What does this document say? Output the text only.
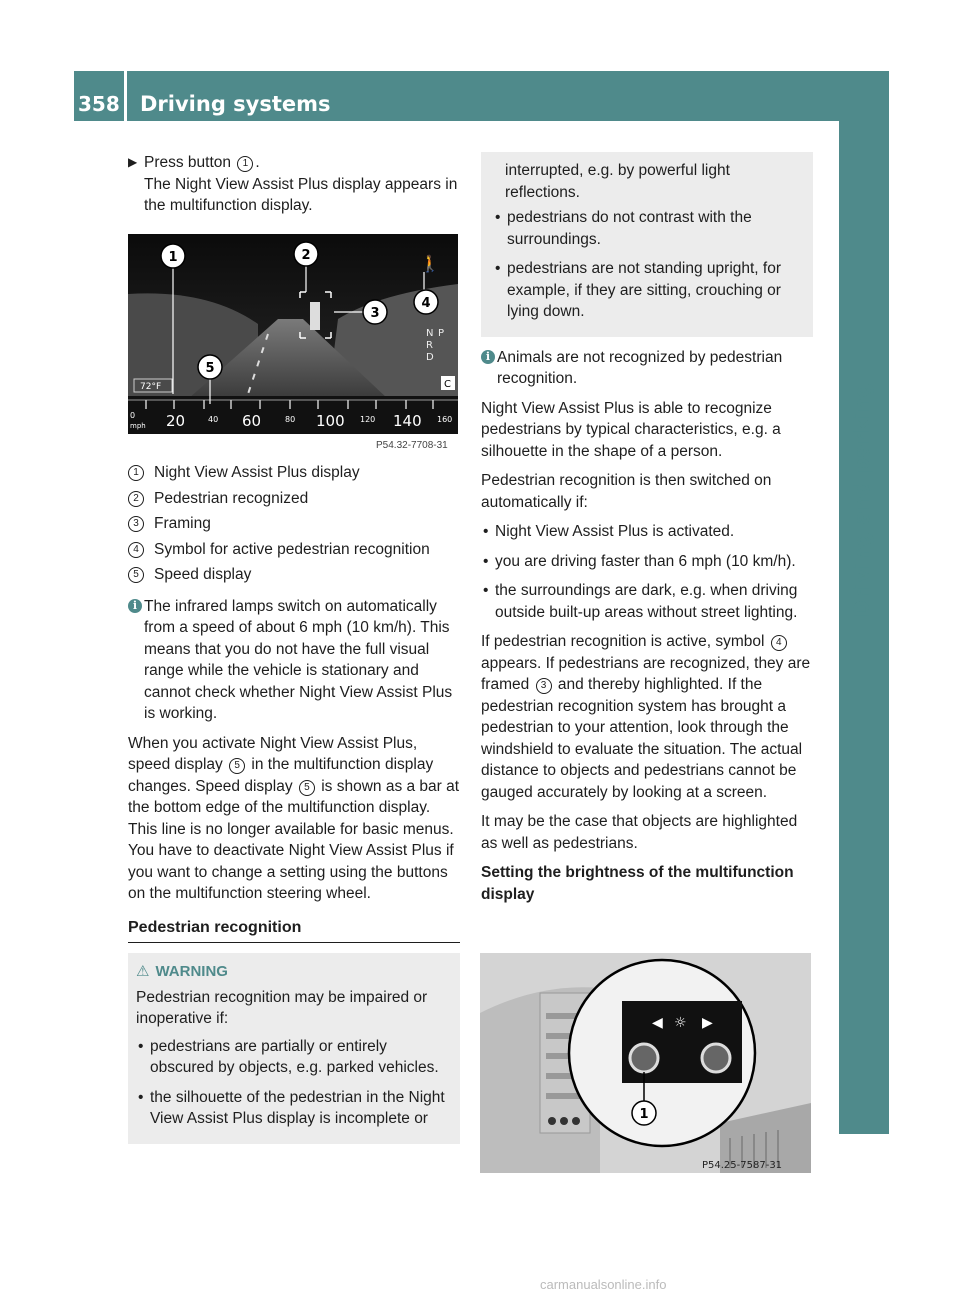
358 Driving systems
Driving and parking

▶ Press button 1 .
The Night View Assist Plus display appears in the multifunction display.

0
mph 20	40 60	80 100 120 140 160
72°F
N P
R
D
C
🚶
1	2
3
4
5
P54.32-7708-31
1 Night View Assist Plus display
2 Pedestrian recognized
3 Framing
4 Symbol for active pedestrian recognition
5 Speed display

i The infrared lamps switch on automatically from a speed of about 6 mph (10 km/h). This means that you do not have the full visual range while the vehicle is stationary and cannot check whether Night View Assist Plus is working.

When you activate Night View Assist Plus, speed display 5 in the multifunction display changes. Speed display 5 is shown as a bar at the bottom edge of the multifunction display. This line is no longer available for basic menus. You have to deactivate Night View Assist Plus if you want to change a setting using the buttons on the multifunction steering wheel.

Pedestrian recognition
⚠ WARNING

Pedestrian recognition may be impaired or inoperative if:

• pedestrians are partially or entirely obscured by objects, e.g. parked vehicles.

• the silhouette of the pedestrian in the Night View Assist Plus display is incomplete or

interrupted, e.g. by powerful light reflections.

• pedestrians do not contrast with the surroundings.

• pedestrians are not standing upright, for example, if they are sitting, crouching or lying down.

i Animals are not recognized by pedestrian recognition.

Night View Assist Plus is able to recognize pedestrians by typical characteristics, e.g. a silhouette in the shape of a person.

Pedestrian recognition is then switched on automatically if:

• Night View Assist Plus is activated.

• you are driving faster than 6 mph (10 km/h).

• the surroundings are dark, e.g. when driving outside built-up areas without street lighting.

If pedestrian recognition is active, symbol 4 appears. If pedestrians are recognized, they are framed 3 and thereby highlighted. If the pedestrian recognition system has brought a pedestrian to your attention, look through the windshield to evaluate the situation. The actual distance to objects and pedestrians cannot be gauged accurately by looking at a screen.

It may be the case that objects are highlighted as well as pedestrians.

Setting the brightness of the multifunction display
◀	▶
☼
1
P54.25-7587-31
carmanualsonline.info
